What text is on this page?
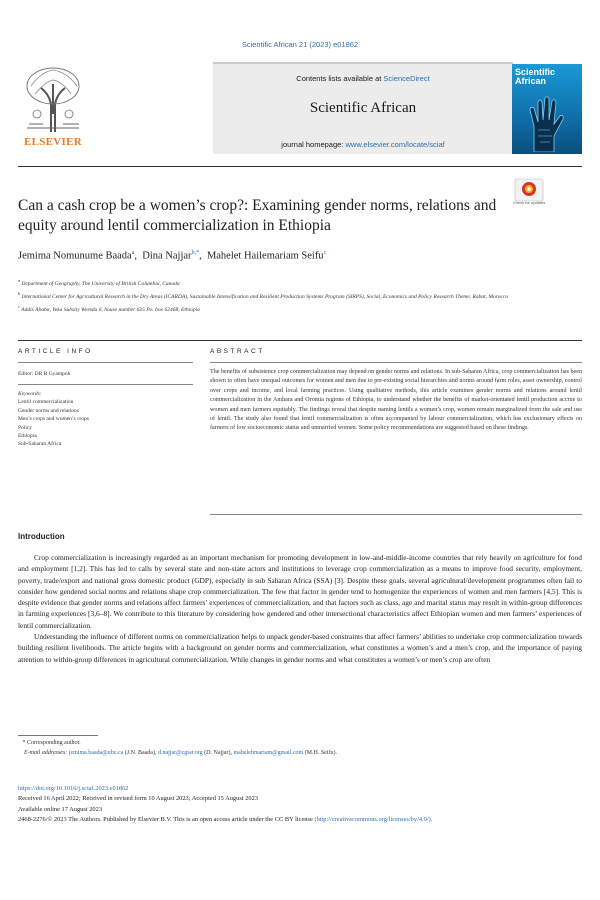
Scientific African 21 (2023) e01862
ELSEVIER
Contents lists available at ScienceDirect
Scientific African
journal homepage: www.elsevier.com/locate/sciaf
Scientific African
Check for updates
Can a cash crop be a women’s crop?: Examining gender norms, relations and equity around lentil commercialization in Ethiopia
Jemima Nomunume Baada$^a$,  Dina Najjar$^{b,*}$,  Mahelet Hailemariam Seifu$^c$
$^a$ Department of Geography, The University of British Columbia, Canada
$^b$ International Center for Agricultural Research in the Dry Areas (ICARDA), Sustainable Intensification and Resilient Production Systems Program (SIRPS), Social, Economics and Policy Research Theme, Rabat, Morocco
$^c$ Addis Ababa, Yeka Subsity Wereda 6, house number 625 Po. box 62468, Ethiopia
ARTICLE INFO	ABSTRACT
Editor: DR B Gyampoh
Keywords:
Lentil commercialization
Gender norms and relations
Men’s crops and women’s crops
Policy
Ethiopia
Sub-Saharan Africa
The benefits of subsistence crop commercialization may depend on gender norms and relations. In sub-Saharan Africa, crop commercialization has been shown to often have unequal outcomes for women and men due to pre-existing social hierarchies and norms around farm roles, asset ownership, control over crops and income, and local farming practices. Using qualitative methods, this article examines gender norms and relations around lentil commercialization in the Amhara and Oromia regions of Ethiopia, to understand whether the benefits of market-orientated lentil production accrue to women and men farmers equitably. The findings reveal that despite naming lentils a women’s crop, women remain marginalized from the sale and use of lentil. The study also found that lentil commercialization is often accompanied by labour commercialization, which has exclusionary effects on farmers of low socioeconomic status and unmarried women. Some policy recommendations are suggested based on these findings.
Introduction

Crop commercialization is increasingly regarded as an important mechanism for promoting development in low-and-middle-income countries that rely heavily on agriculture for food and employment [1,2]. This has led to calls by several state and non-state actors and institutions to leverage crop commercialization as a means to improve food security, employment, poverty, trade/export and national gross domestic product (GDP), especially in sub Saharan Africa (SSA) [3]. Despite these goals, several agricultural/development programmes often fail to consider how gendered social norms and relations shape crop commercialization. The few that factor in gender tend to homogenize the experiences of women and men farmers [4,5]. This is despite evidence that gender norms and relations affect farmers’ experiences of commercialization, and that factors such as class, age and marital status may result in within-group differences in farming experiences [3,6–8]. We contribute to this literature by considering how gendered and other intersectional characteristics affect Ethiopian women and men farmers’ experiences of lentil commercialization.

Understanding the influence of different norms on commercialization helps to unpack gender-based constraints that affect farmers’ abilities to undertake crop commercialization towards building resilient livelihoods. The article begins with a background on gender norms and commercialization, what constitutes a women’s and a men’s crop, and the importance of paying attention to within-group differences in agricultural commercialization. While changes in gender norms and what constitutes a women’s or men’s crop are often

* Corresponding author.
E-mail addresses: jemima.baada@ubc.ca (J.N. Baada), d.najjar@cgiar.org (D. Najjar), mahelehmariam@gmail.com (M.H. Seifu).
https://doi.org/10.1016/j.sciaf.2023.e01862
Received 16 April 2022; Received in revised form 10 August 2023; Accepted 15 August 2023
Available online 17 August 2023
2468-2276/© 2023 The Authors. Published by Elsevier B.V. This is an open access article under the CC BY license (http://creativecommons.org/licenses/by/4.0/).
